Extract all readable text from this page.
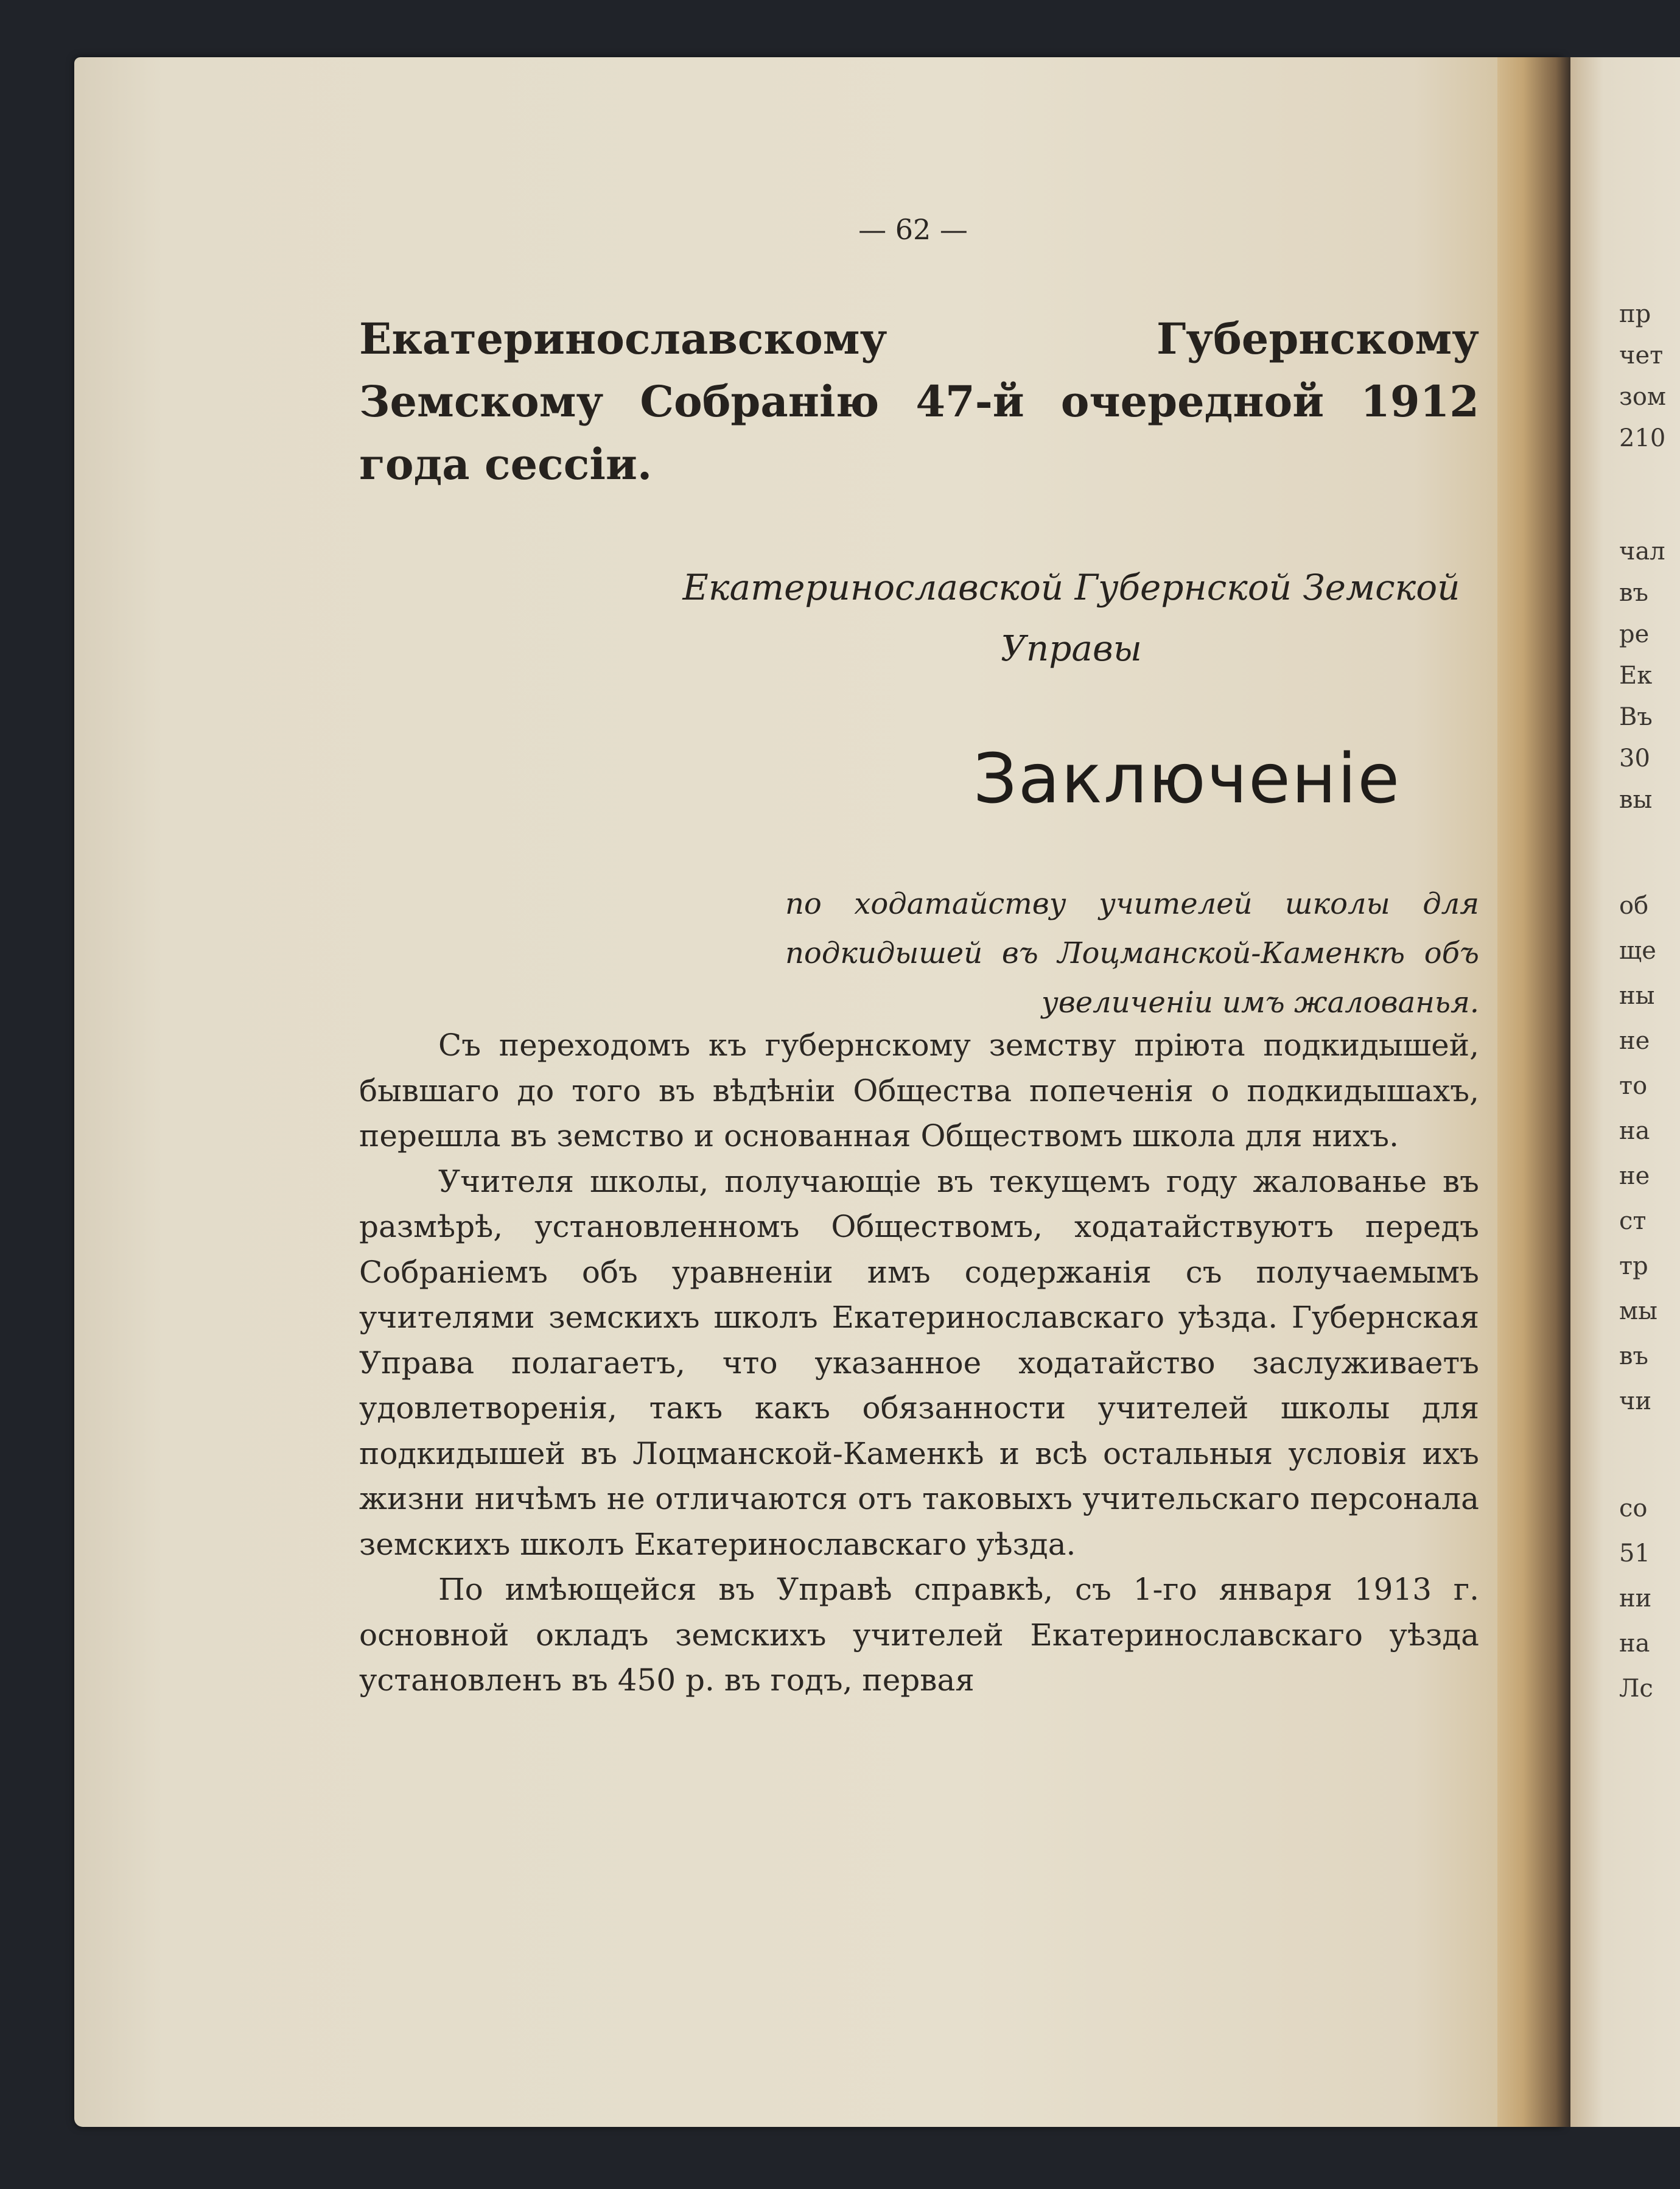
— 62 —
Екатеринославскому Губернскому Земскому Собранію 47-й очередной 1912 года сессіи.
Екатеринославской Губернской Земской Управы
Заключеніе
по ходатайству учителей школы для подкидышей въ Лоцманской-Каменкѣ объ увеличеніи имъ жалованья.

Съ переходомъ къ губернскому земству пріюта подкидышей, бывшаго до того въ вѣдѣніи Общества попеченія о подкидышахъ, перешла въ земство и основанная Обществомъ школа для нихъ.

Учителя школы, получающіе въ текущемъ году жалованье въ размѣрѣ, установленномъ Обществомъ, ходатайствуютъ передъ Собраніемъ объ уравненіи имъ содержанія съ получаемымъ учителями земскихъ школъ Екатеринославскаго уѣзда. Губернская Управа полагаетъ, что указанное ходатайство заслуживаетъ удовлетворенія, такъ какъ обязанности учителей школы для подкидышей въ Лоцманской-Каменкѣ и всѣ остальныя условія ихъ жизни ничѣмъ не отличаются отъ таковыхъ учительскаго персонала земскихъ школъ Екатеринославскаго уѣзда.

По имѣющейся въ Управѣ справкѣ, съ 1-го января 1913 г. основной окладъ земскихъ учителей Екатеринославскаго уѣзда установленъ въ 450 р. въ годъ, первая

пр
чет
зом
210
чал
въ
ре
Ек
Въ
30
вы
об
ще
ны
не
то
на
не
ст
тр
мы
въ
чи
со
51
ни
на
Лс
